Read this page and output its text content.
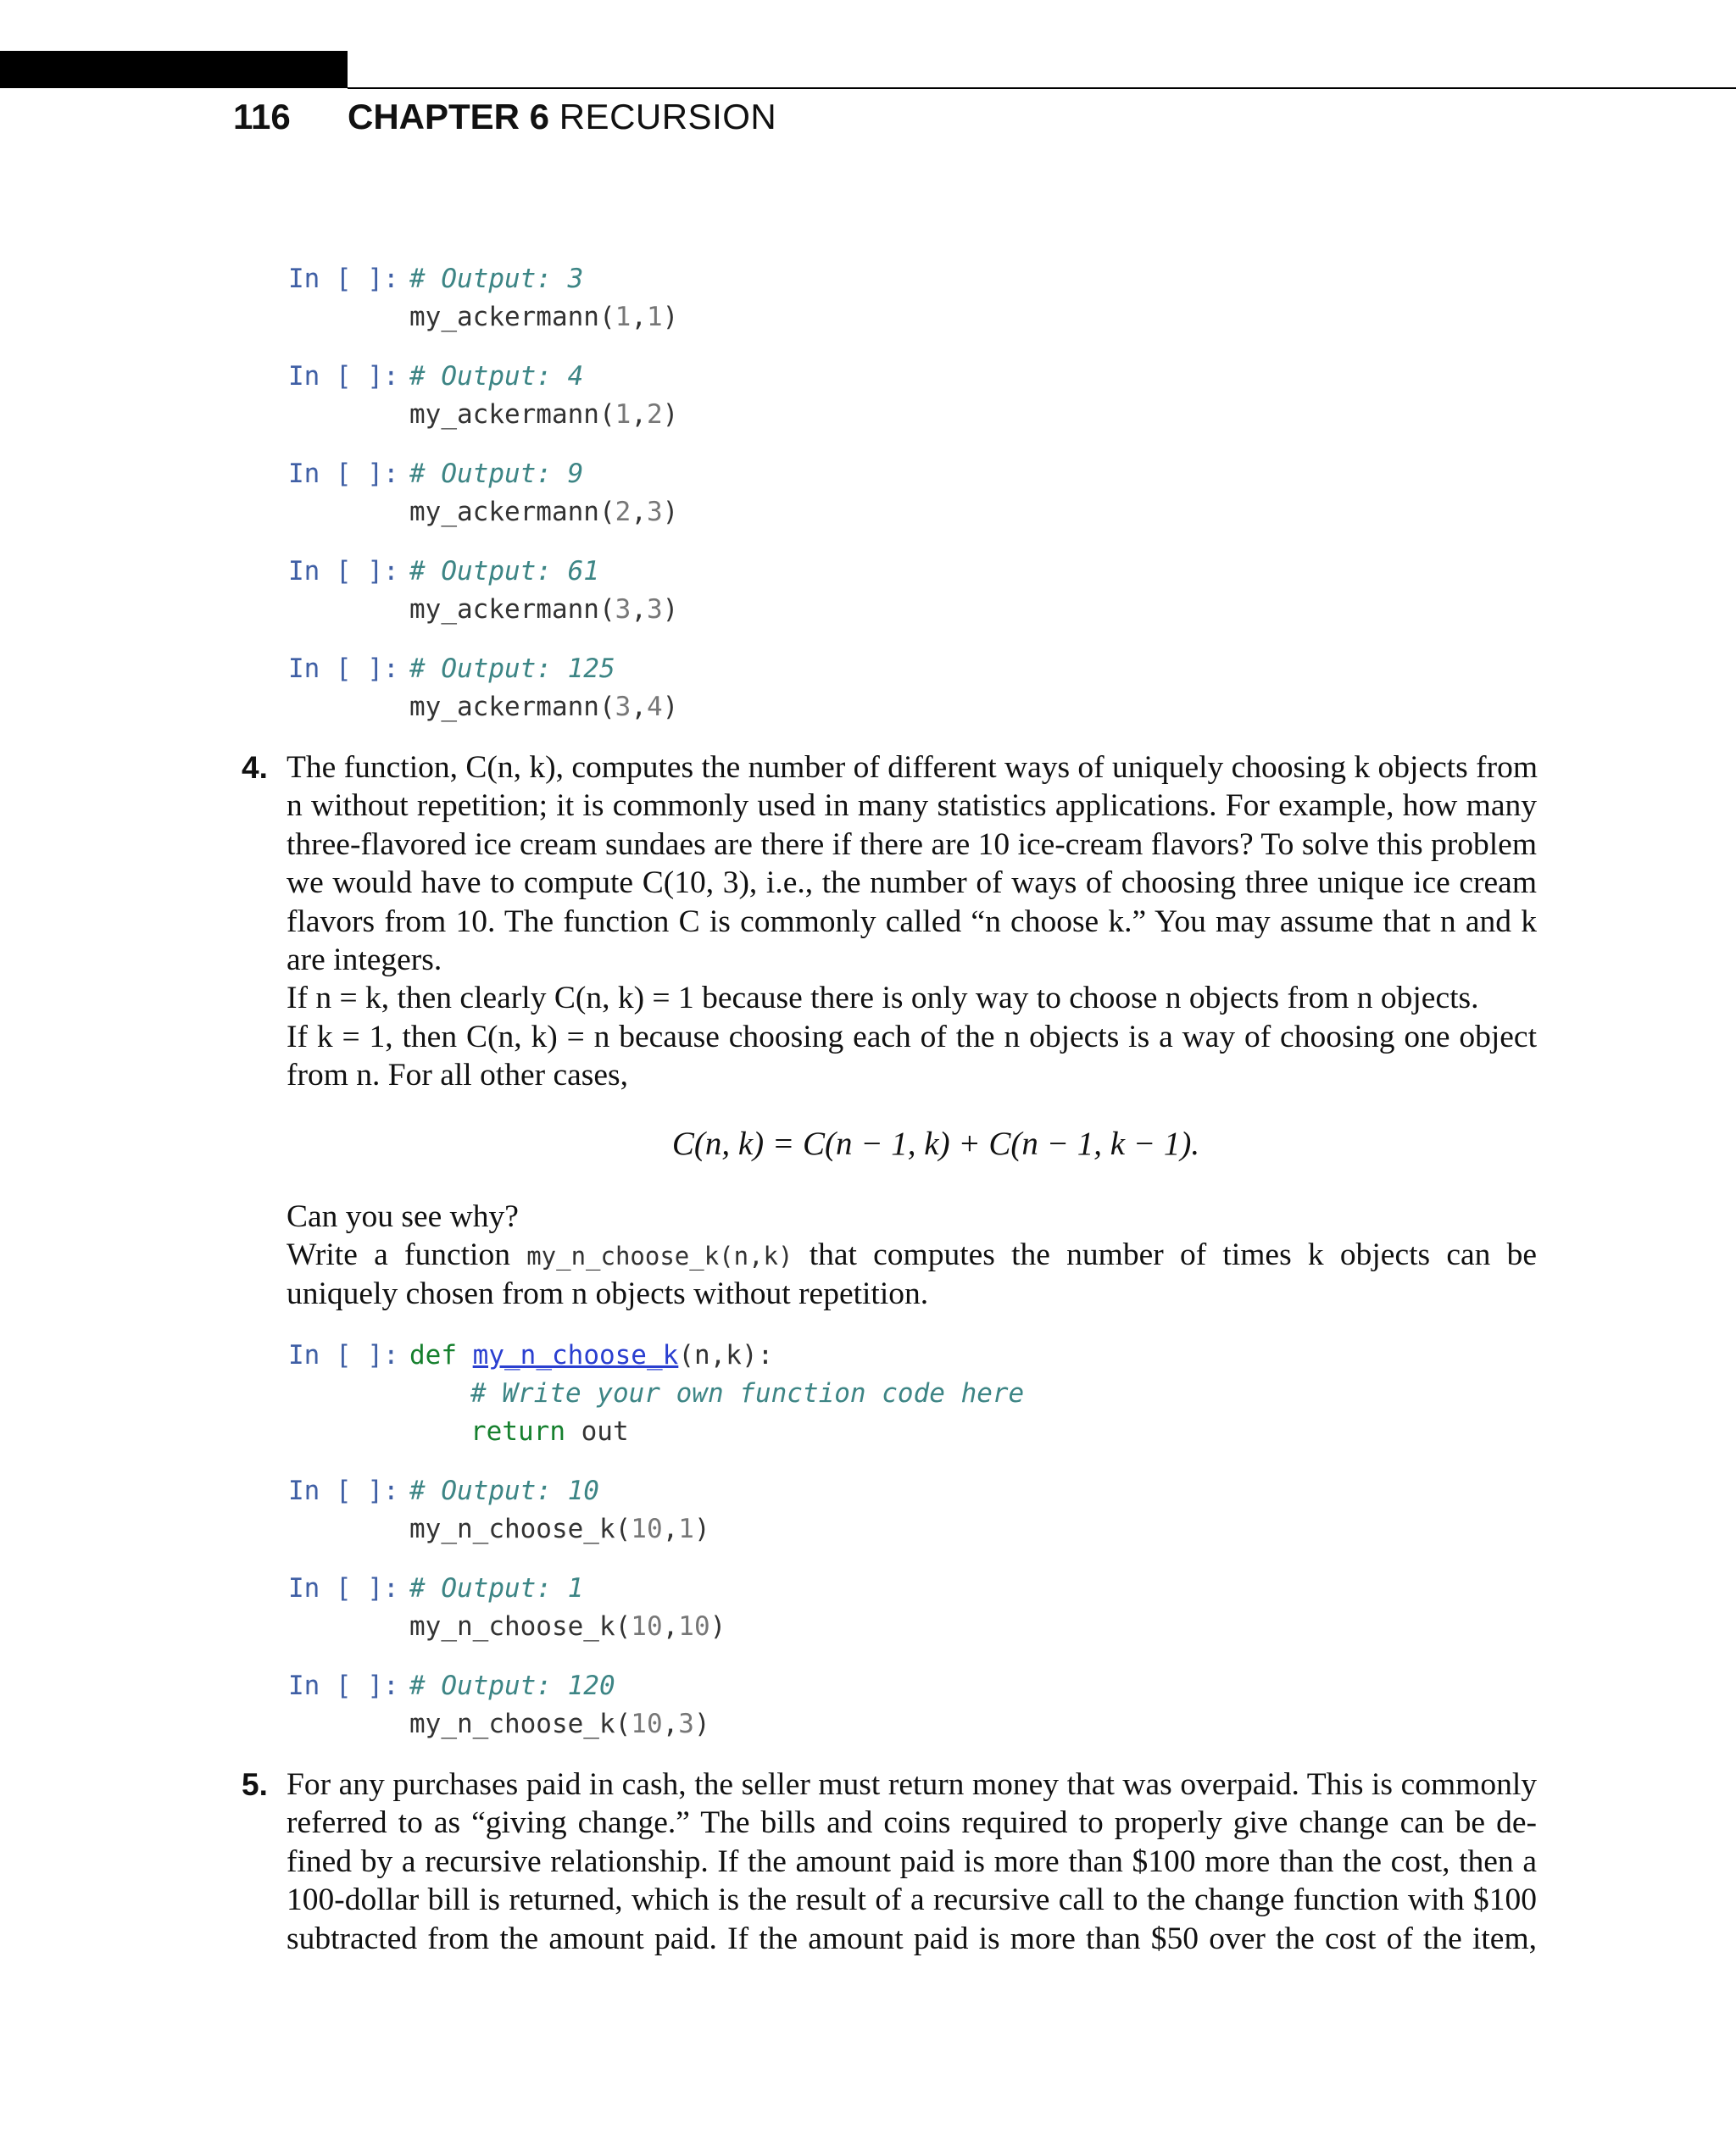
116 CHAPTER 6 RECURSION

In [ ]:

# Output: 3

my_ackermann(1,1)

In [ ]:

# Output: 4

my_ackermann(1,2)

In [ ]:

# Output: 9

my_ackermann(2,3)

In [ ]:

# Output: 61

my_ackermann(3,3)

In [ ]:

# Output: 125

my_ackermann(3,4)

4. The function, C(n, k), computes the number of different ways of uniquely choosing k objects from
n without repetition; it is commonly used in many statistics applications. For example, how many
three-flavored ice cream sundaes are there if there are 10 ice-cream flavors? To solve this problem
we would have to compute C(10, 3), i.e., the number of ways of choosing three unique ice cream
flavors from 10. The function C is commonly called “n choose k.” You may assume that n and k
are integers.
If n = k, then clearly C(n, k) = 1 because there is only way to choose n objects from n objects.
If k = 1, then C(n, k) = n because choosing each of the n objects is a way of choosing one object
from n. For all other cases,
C(n, k) = C(n − 1, k) + C(n − 1, k − 1).
Can you see why?
Write a function my_n_choose_k(n,k) that computes the number of times k objects can be
uniquely chosen from n objects without repetition.

In [ ]:

def my_n_choose_k(n,k):

# Write your own function code here

return out

In [ ]:

# Output: 10

my_n_choose_k(10,1)

In [ ]:

# Output: 1

my_n_choose_k(10,10)

In [ ]:

# Output: 120

my_n_choose_k(10,3)

5. For any purchases paid in cash, the seller must return money that was overpaid. This is commonly
referred to as “giving change.” The bills and coins required to properly give change can be de-
fined by a recursive relationship. If the amount paid is more than $100 more than the cost, then a
100-dollar bill is returned, which is the result of a recursive call to the change function with $100
subtracted from the amount paid. If the amount paid is more than $50 over the cost of the item,
